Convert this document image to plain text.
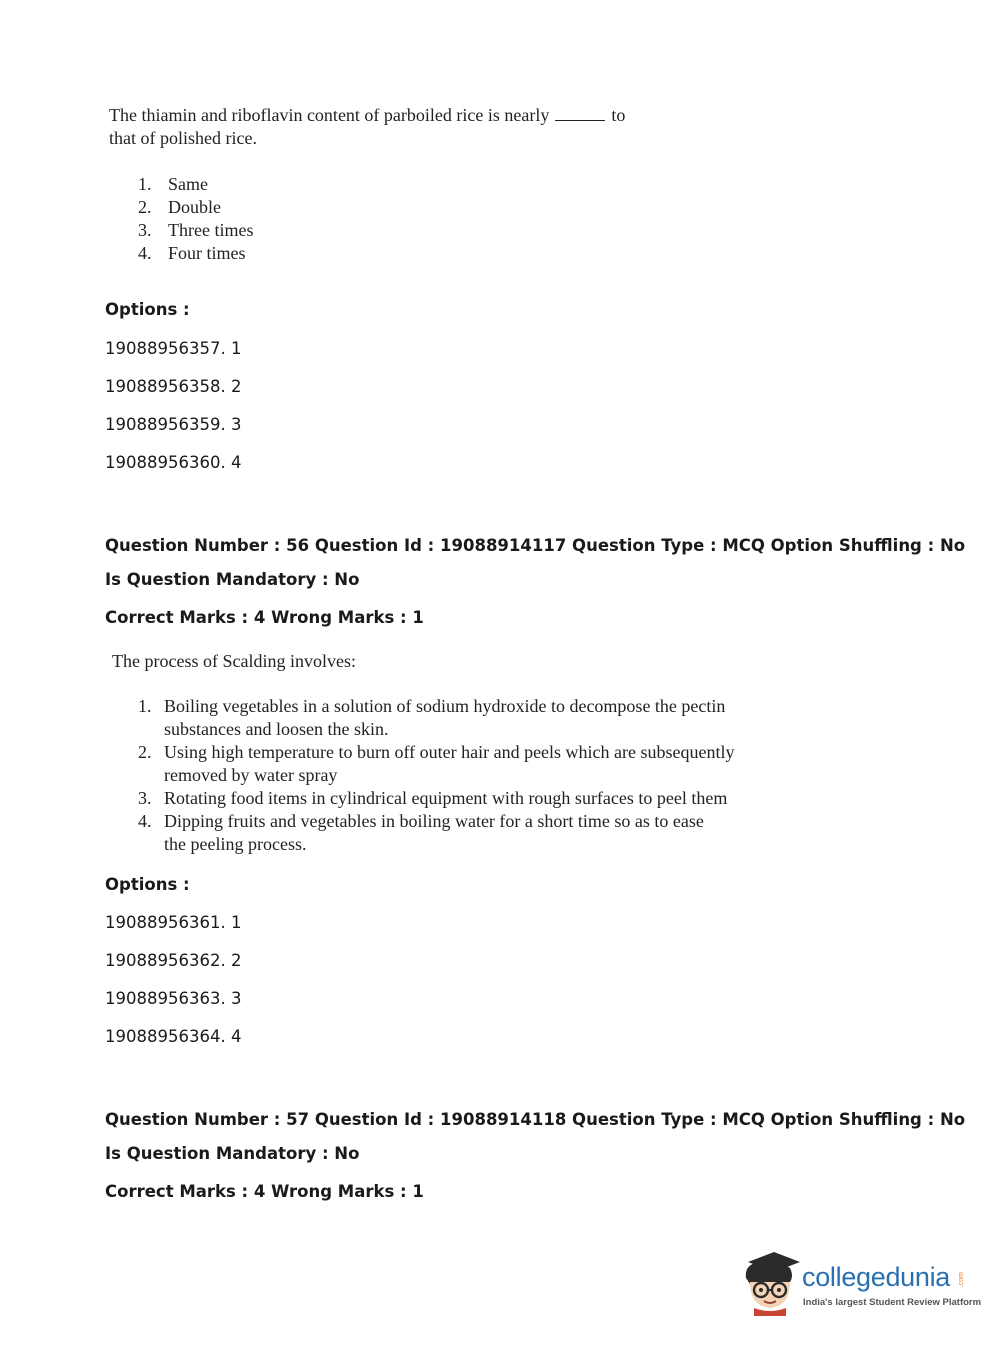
The thiamin and riboflavin content of parboiled rice is nearly	to
that of polished rice.
1. Same
2. Double
3. Three times
4. Four times
Options :
19088956357. 1
19088956358. 2
19088956359. 3
19088956360. 4
Question Number : 56 Question Id : 19088914117 Question Type : MCQ Option Shuffling : No
Is Question Mandatory : No
Correct Marks : 4 Wrong Marks : 1
The process of Scalding involves:
1. Boiling vegetables in a solution of sodium hydroxide to decompose the pectin
substances and loosen the skin.
2. Using high temperature to burn off outer hair and peels which are subsequently
removed by water spray
3. Rotating food items in cylindrical equipment with rough surfaces to peel them
4. Dipping fruits and vegetables in boiling water for a short time so as to ease
the peeling process.
Options :
19088956361. 1
19088956362. 2
19088956363. 3
19088956364. 4
Question Number : 57 Question Id : 19088914118 Question Type : MCQ Option Shuffling : No
Is Question Mandatory : No
Correct Marks : 4 Wrong Marks : 1
collegedunia .com
India's largest Student Review Platform
